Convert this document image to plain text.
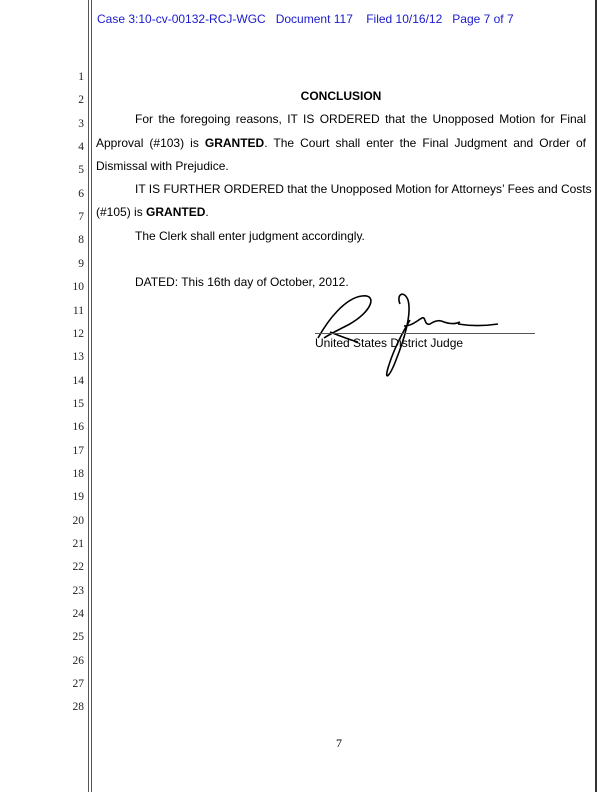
Case 3:10-cv-00132-RCJ-WGC   Document 117    Filed 10/16/12   Page 7 of 7
1
2
3
4
5
6
7
8
9
10
11
12
13
14
15
16
17
18
19
20
21
22
23
24
25
26
27
28
CONCLUSION
For the foregoing reasons, IT IS ORDERED that the Unopposed Motion for Final
Approval (#103) is GRANTED. The Court shall enter the Final Judgment and Order of
Dismissal with Prejudice.
IT IS FURTHER ORDERED that the Unopposed Motion for Attorneys’ Fees and Costs
(#105) is GRANTED.
The Clerk shall enter judgment accordingly.
DATED: This 16th day of October, 2012.
United States District Judge
7
